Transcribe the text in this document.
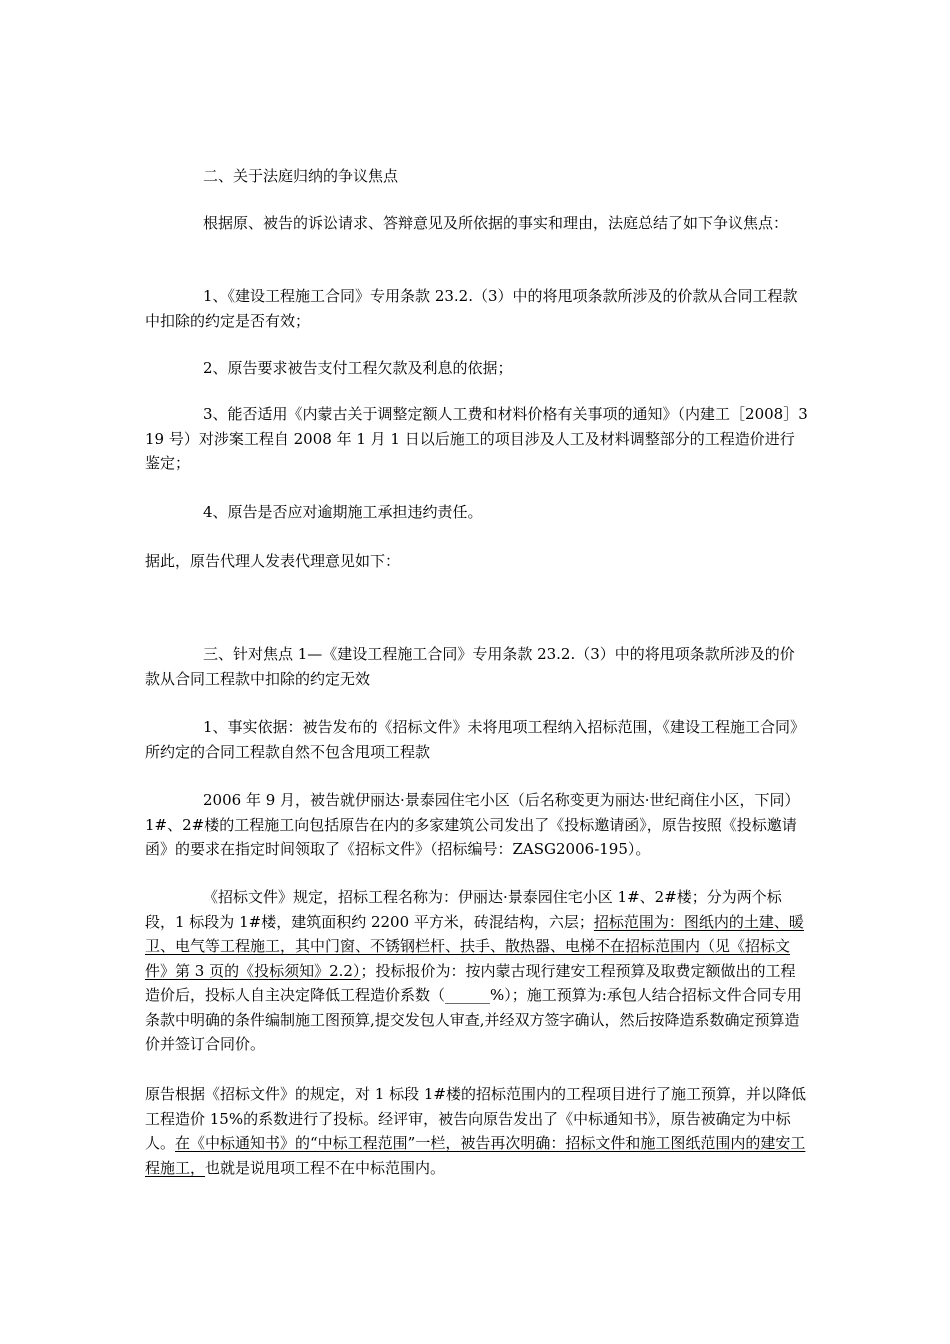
二、关于法庭归纳的争议焦点

根据原、被告的诉讼请求、答辩意见及所依据的事实和理由，法庭总结了如下争议焦点：

1、《建设工程施工合同》专用条款 23.2.（3）中的将甩项条款所涉及的价款从合同工程款中扣除的约定是否有效；

2、原告要求被告支付工程欠款及利息的依据；

3、能否适用《内蒙古关于调整定额人工费和材料价格有关事项的通知》（内建工［2008］319 号）对涉案工程自 2008 年 1 月 1 日以后施工的项目涉及人工及材料调整部分的工程造价进行鉴定；

4、原告是否应对逾期施工承担违约责任。

据此，原告代理人发表代理意见如下：

三、针对焦点 1—《建设工程施工合同》专用条款 23.2.（3）中的将甩项条款所涉及的价款从合同工程款中扣除的约定无效

1、事实依据：被告发布的《招标文件》未将甩项工程纳入招标范围，《建设工程施工合同》所约定的合同工程款自然不包含甩项工程款

2006 年 9 月，被告就伊丽达·景泰园住宅小区（后名称变更为丽达·世纪商住小区，下同）1#、2#楼的工程施工向包括原告在内的多家建筑公司发出了《投标邀请函》，原告按照《投标邀请函》的要求在指定时间领取了《招标文件》（招标编号：ZASG2006-195）。

《招标文件》规定，招标工程名称为：伊丽达·景泰园住宅小区 1#、2#楼；分为两个标段，1 标段为 1#楼，建筑面积约 2200 平方米，砖混结构，六层；招标范围为：图纸内的土建、暖卫、电气等工程施工，其中门窗、不锈钢栏杆、扶手、散热器、电梯不在招标范围内（见《招标文件》第 3 页的《投标须知》2.2）；投标报价为：按内蒙古现行建安工程预算及取费定额做出的工程造价后，投标人自主决定降低工程造价系数（______%）；施工预算为:承包人结合招标文件合同专用条款中明确的条件编制施工图预算,提交发包人审查,并经双方签字确认，然后按降造系数确定预算造价并签订合同价。

原告根据《招标文件》的规定，对 1 标段 1#楼的招标范围内的工程项目进行了施工预算，并以降低工程造价 15%的系数进行了投标。经评审，被告向原告发出了《中标通知书》，原告被确定为中标人。在《中标通知书》的“中标工程范围”一栏，被告再次明确：招标文件和施工图纸范围内的建安工程施工，也就是说甩项工程不在中标范围内。
